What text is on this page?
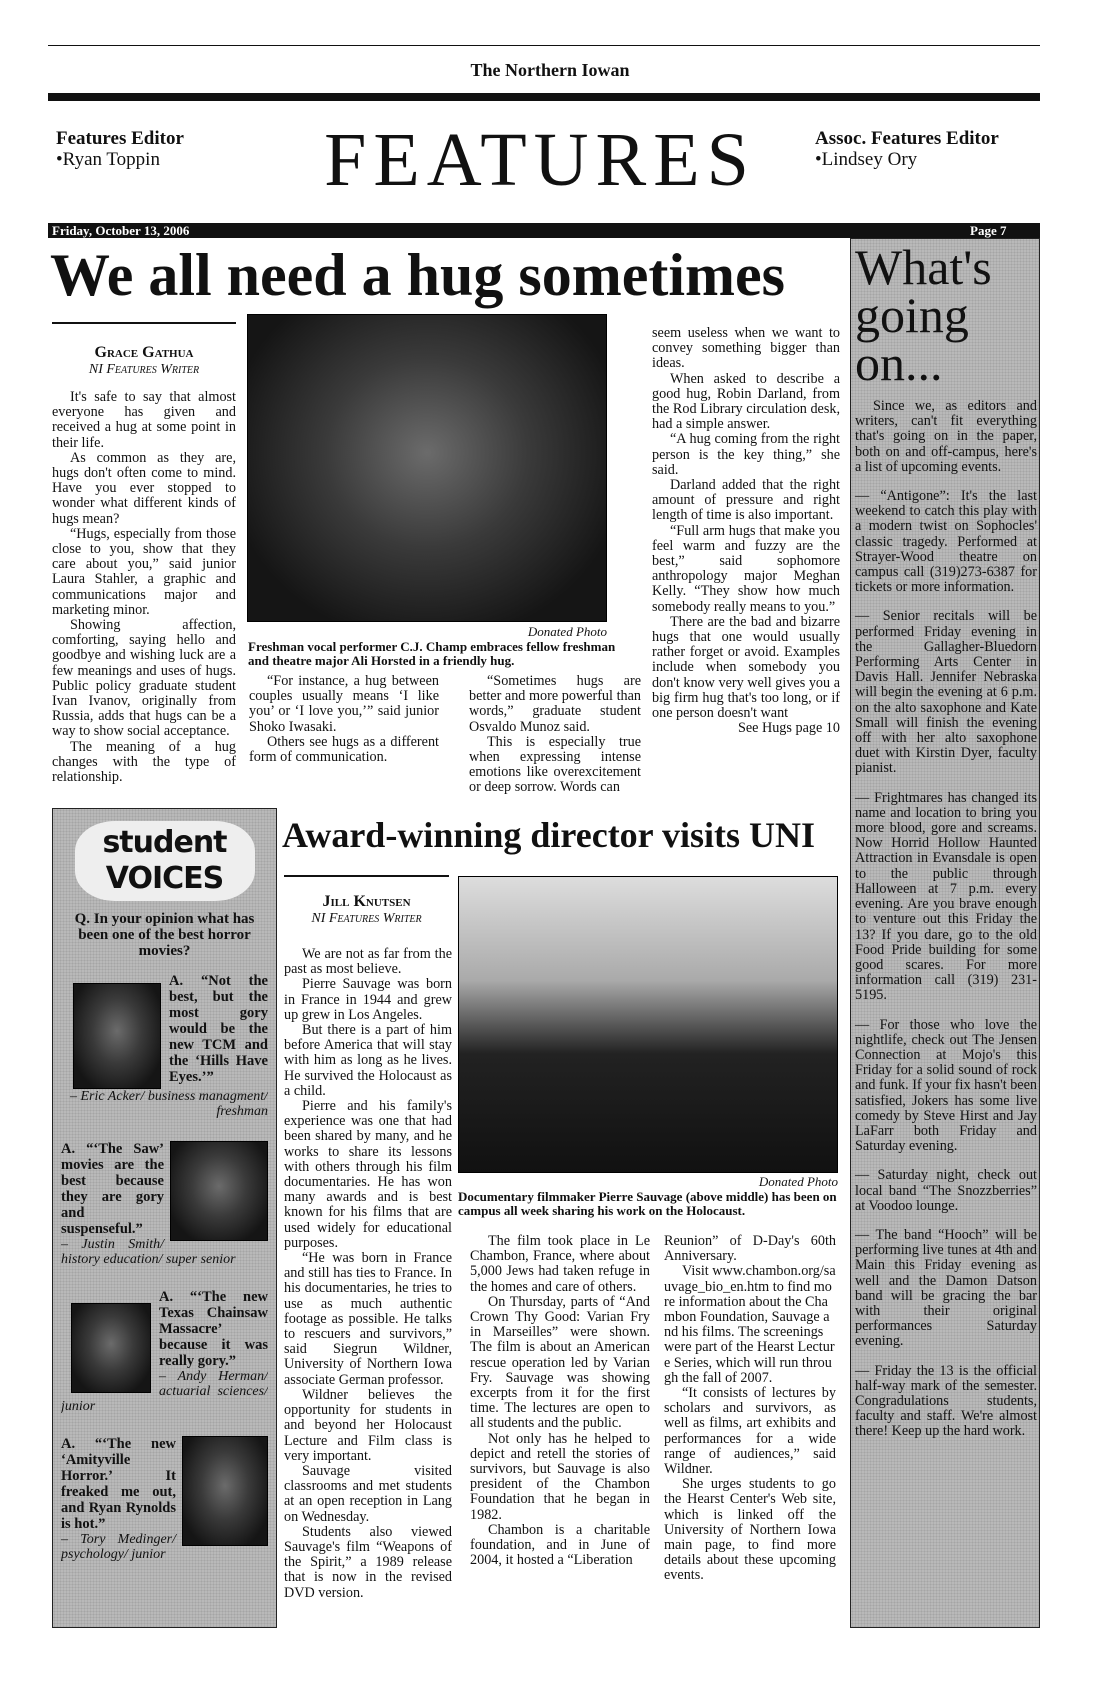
The Northern Iowan
Features Editor
•Ryan Toppin	FEATURES	Assoc. Features Editor
•Lindsey Ory
Friday, October 13, 2006	Page 7
What's going on...

Since we, as editors and writers, can't fit everything that's going on in the paper, both on and off-campus, here's a list of upcoming events.

— “Antigone”: It's the last weekend to catch this play with a modern twist on Sophocles' classic tragedy. Performed at Strayer-Wood theatre on campus call (319)273-6387 for tickets or more information.

— Senior recitals will be performed Friday evening in the Gallagher-Bluedorn Performing Arts Center in Davis Hall. Jennifer Nebraska will begin the evening at 6 p.m. on the alto saxophone and Kate Small will finish the evening off with her alto saxophone duet with Kirstin Dyer, faculty pianist.

— Frightmares has changed its name and location to bring you more blood, gore and screams. Now Horrid Hollow Haunted Attraction in Evansdale is open to the public through Halloween at 7 p.m. every evening. Are you brave enough to venture out this Friday the 13? If you dare, go to the old Food Pride building for some good scares. For more information call (319) 231-5195.

— For those who love the nightlife, check out The Jensen Connection at Mojo's this Friday for a solid sound of rock and funk. If your fix hasn't been satisfied, Jokers has some live comedy by Steve Hirst and Jay LaFarr both Friday and Saturday evening.

— Saturday night, check out local band “The Snozzberries” at Voodoo lounge.

— The band “Hooch” will be performing live tunes at 4th and Main this Friday evening as well and the Damon Datson band will be gracing the bar with their original performances Saturday evening.

— Friday the 13 is the official half-way mark of the semester. Congradulations students, faculty and staff. We're almost there! Keep up the hard work.

We all need a hug sometimes
Grace Gathua
NI Features Writer

It's safe to say that almost everyone has given and received a hug at some point in their life.

As common as they are, hugs don't often come to mind. Have you ever stopped to wonder what different kinds of hugs mean?

“Hugs, especially from those close to you, show that they care about you,” said junior Laura Stahler, a graphic and communications major and marketing minor.

Showing affection, comforting, saying hello and goodbye and wishing luck are a few meanings and uses of hugs. Public policy graduate student Ivan Ivanov, originally from Russia, adds that hugs can be a way to show social acceptance.

The meaning of a hug changes with the type of relationship.

Donated Photo
Freshman vocal performer C.J. Champ embraces fellow freshman and theatre major Ali Horsted in a friendly hug.

“For instance, a hug between couples usually means ‘I like you’ or ‘I love you,’” said junior Shoko Iwasaki.

Others see hugs as a different form of communication.

“Sometimes hugs are better and more powerful than words,” graduate student Osvaldo Munoz said.

This is especially true when expressing intense emotions like overexcitement or deep sorrow. Words can

seem useless when we want to convey something bigger than ideas.

When asked to describe a good hug, Robin Darland, from the Rod Library circulation desk, had a simple answer.

“A hug coming from the right person is the key thing,” she said.

Darland added that the right amount of pressure and right length of time is also important.

“Full arm hugs that make you feel warm and fuzzy are the best,” said sophomore anthropology major Meghan Kelly. “They show how much somebody really means to you.”

There are the bad and bizarre hugs that one would usually rather forget or avoid. Examples include when somebody you don't know very well gives you a big firm hug that's too long, or if one person doesn't want

See Hugs page 10
student VOICES

Q. In your opinion what has been one of the best horror movies?

A. “Not the best, but the most gory would be the new TCM and the ‘Hills Have Eyes.’”

– Eric Acker/ business managment/ freshman

A. “‘The Saw’ movies are the best because they are gory and suspenseful.”

– Justin Smith/ history education/ super senior

A. “‘The new Texas Chainsaw Massacre’ because it was really gory.”

– Andy Herman/ actuarial sciences/ junior

A. “‘The new ‘Amityville Horror.’ It freaked me out, and Ryan Rynolds is hot.”

– Tory Medinger/ psychology/ junior

Award-winning director visits UNI
Jill Knutsen
NI Features Writer

We are not as far from the past as most believe.

Pierre Sauvage was born in France in 1944 and grew up grew in Los Angeles.

But there is a part of him before America that will stay with him as long as he lives. He survived the Holocaust as a child.

Pierre and his family's experience was one that had been shared by many, and he works to share its lessons with others through his film documentaries. He has won many awards and is best known for his films that are used widely for educational purposes.

“He was born in France and still has ties to France. In his documentaries, he tries to use as much authentic footage as possible. He talks to rescuers and survivors,” said Siegrun Wildner, University of Northern Iowa associate German professor.

Wildner believes the opportunity for students in and beyond her Holocaust Lecture and Film class is very important.

Sauvage visited classrooms and met students at an open reception in Lang on Wednesday.

Students also viewed Sauvage's film “Weapons of the Spirit,” a 1989 release that is now in the revised DVD version.

Donated Photo
Documentary filmmaker Pierre Sauvage (above middle) has been on campus all week sharing his work on the Holocaust.

The film took place in Le Chambon, France, where about 5,000 Jews had taken refuge in the homes and care of others.

On Thursday, parts of “And Crown Thy Good: Varian Fry in Marseilles” were shown. The film is about an American rescue operation led by Varian Fry. Sauvage was showing excerpts from it for the first time. The lectures are open to all students and the public.

Not only has he helped to depict and retell the stories of survivors, but Sauvage is also president of the Chambon Foundation that he began in 1982.

Chambon is a charitable foundation, and in June of 2004, it hosted a “Liberation

Reunion” of D-Day's 60th Anniversary.

Visit www.chambon.org/sauvage_bio_en.htm to find more information about the Chambon Foundation, Sauvage and his films. The screenings were part of the Hearst Lecture Series, which will run through the fall of 2007.

“It consists of lectures by scholars and survivors, as well as films, art exhibits and performances for a wide range of audiences,” said Wildner.

She urges students to go the Hearst Center's Web site, which is linked off the University of Northern Iowa main page, to find more details about these upcoming events.
